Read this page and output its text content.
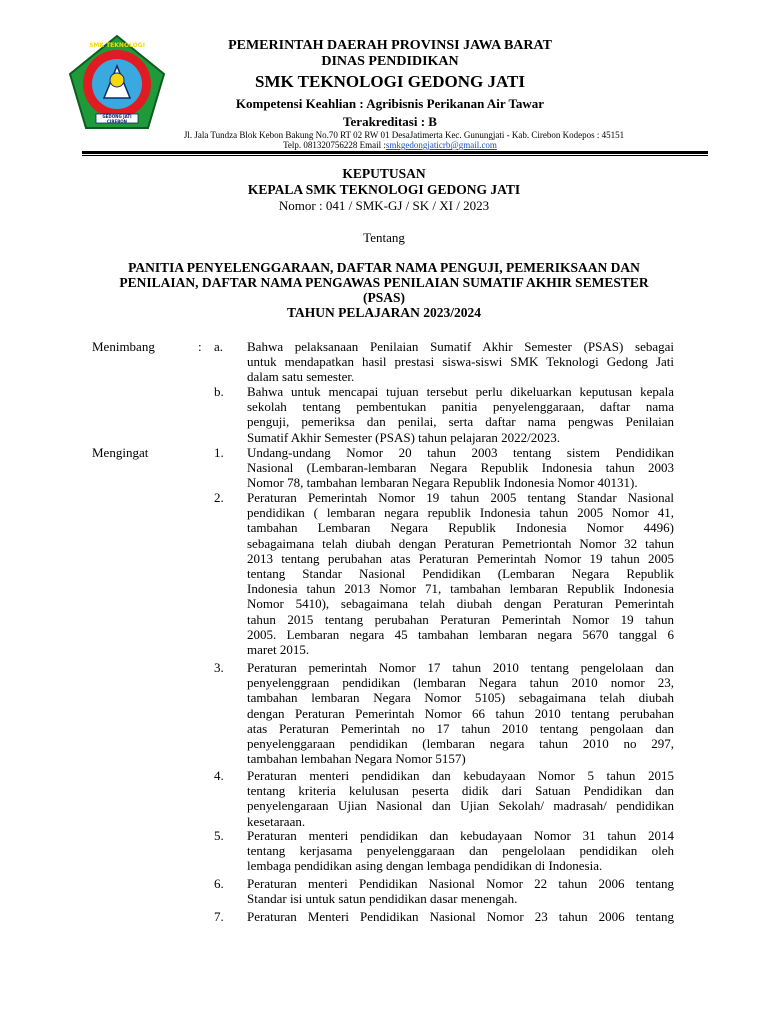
SMK TEKNOLOGI
GEDONG JATI CIREBON
PEMERINTAH DAERAH PROVINSI JAWA BARAT
DINAS PENDIDIKAN
SMK TEKNOLOGI GEDONG JATI
Kompetensi Keahlian : Agribisnis Perikanan Air Tawar
Terakreditasi : B
Jl. Jala Tundza Blok Kebon Bakung No.70 RT 02 RW 01 DesaJatimerta Kec. Gunungjati - Kab. Cirebon Kodepos : 45151
Telp. 081320756228 Email :smkgedongjaticrb@gmail.com
KEPUTUSAN
KEPALA SMK TEKNOLOGI GEDONG JATI
Nomor : 041 / SMK-GJ / SK / XI / 2023
Tentang
PANITIA PENYELENGGARAAN, DAFTAR NAMA PENGUJI, PEMERIKSAAN DAN
PENILAIAN, DAFTAR NAMA PENGAWAS PENILAIAN SUMATIF AKHIR SEMESTER
(PSAS)
TAHUN PELAJARAN 2023/2024
Menimbang	: a. Bahwa pelaksanaan Penilaian Sumatif Akhir Semester (PSAS) sebagai
untuk mendapatkan hasil prestasi siswa-siswi SMK Teknologi Gedong Jati
dalam satu semester.
b. Bahwa untuk mencapai tujuan tersebut perlu dikeluarkan keputusan kepala
sekolah tentang pembentukan panitia penyelenggaraan, daftar nama
penguji, pemeriksa dan penilai, serta daftar nama pengwas Penilaian
Sumatif Akhir Semester (PSAS) tahun pelajaran 2022/2023.
Mengingat	1. Undang-undang Nomor 20 tahun 2003 tentang sistem Pendidikan
Nasional (Lembaran-lembaran Negara Republik Indonesia tahun 2003
Nomor 78, tambahan lembaran Negara Republik Indonesia Nomor 40131).
2. Peraturan Pemerintah Nomor 19 tahun 2005 tentang Standar Nasional
pendidikan ( lembaran negara republik Indonesia tahun 2005 Nomor 41,
tambahan Lembaran Negara Republik Indonesia Nomor 4496)
sebagaimana telah diubah dengan Peraturan Pemetriontah Nomor 32 tahun
2013 tentang perubahan atas Peraturan Pemerintah Nomor 19 tahun 2005
tentang Standar Nasional Pendidikan (Lembaran Negara Republik
Indonesia tahun 2013 Nomor 71, tambahan lembaran Republik Indonesia
Nomor 5410), sebagaimana telah diubah dengan Peraturan Pemerintah
tahun 2015 tentang perubahan Peraturan Pemerintah Nomor 19 tahun
2005. Lembaran negara 45 tambahan lembaran negara 5670 tanggal 6
maret 2015.
3. Peraturan pemerintah Nomor 17 tahun 2010 tentang pengelolaan dan
penyelenggraan pendidikan (lembaran Negara tahun 2010 nomor 23,
tambahan lembaran Negara Nomor 5105) sebagaimana telah diubah
dengan Peraturan Pemerintah Nomor 66 tahun 2010 tentang perubahan
atas Peraturan Pemerintah no 17 tahun 2010 tentang pengolaan dan
penyelenggaraan pendidikan (lembaran negara tahun 2010 no 297,
tambahan lembahan Negara Nomor 5157)
4. Peraturan menteri pendidikan dan kebudayaan Nomor 5 tahun 2015
tentang kriteria kelulusan peserta didik dari Satuan Pendidikan dan
penyelengaraan Ujian Nasional dan Ujian Sekolah/ madrasah/ pendidikan
kesetaraan.
5. Peraturan menteri pendidikan dan kebudayaan Nomor 31 tahun 2014
tentang kerjasama penyelenggaraan dan pengelolaan pendidikan oleh
lembaga pendidikan asing dengan lembaga pendidikan di Indonesia.
6. Peraturan menteri Pendidikan Nasional Nomor 22 tahun 2006 tentang
Standar isi untuk satun pendidikan dasar menengah.
7. Peraturan Menteri Pendidikan Nasional Nomor 23 tahun 2006 tentang
